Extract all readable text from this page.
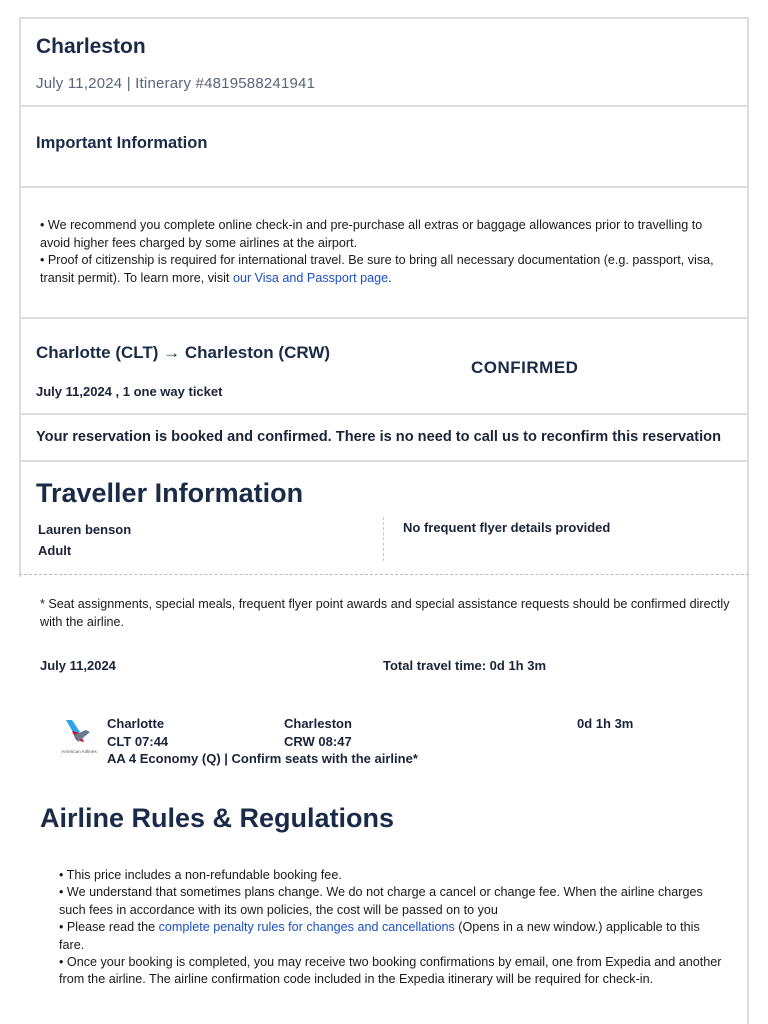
Charleston
July 11,2024 | Itinerary #4819588241941
Important Information
• We recommend you complete online check-in and pre-purchase all extras or baggage allowances prior to travelling to avoid higher fees charged by some airlines at the airport.
• Proof of citizenship is required for international travel. Be sure to bring all necessary documentation (e.g. passport, visa, transit permit). To learn more, visit our Visa and Passport page.
Charlotte (CLT) → Charleston (CRW)
CONFIRMED
July 11,2024 , 1 one way ticket
Your reservation is booked and confirmed. There is no need to call us to reconfirm this reservation
Traveller Information
Lauren benson
Adult
No frequent flyer details provided
* Seat assignments, special meals, frequent flyer point awards and special assistance requests should be confirmed directly with the airline.
July 11,2024	Total travel time: 0d 1h 3m
American Airlines
Charlotte
CLT 07:44
Charleston
CRW 08:47
0d 1h 3m
AA 4 Economy (Q) | Confirm seats with the airline*
Airline Rules & Regulations
• This price includes a non-refundable booking fee.
• We understand that sometimes plans change. We do not charge a cancel or change fee. When the airline charges such fees in accordance with its own policies, the cost will be passed on to you
• Please read the complete penalty rules for changes and cancellations (Opens in a new window.) applicable to this fare.
• Once your booking is completed, you may receive two booking confirmations by email, one from Expedia and another from the airline. The airline confirmation code included in the Expedia itinerary will be required for check-in.
